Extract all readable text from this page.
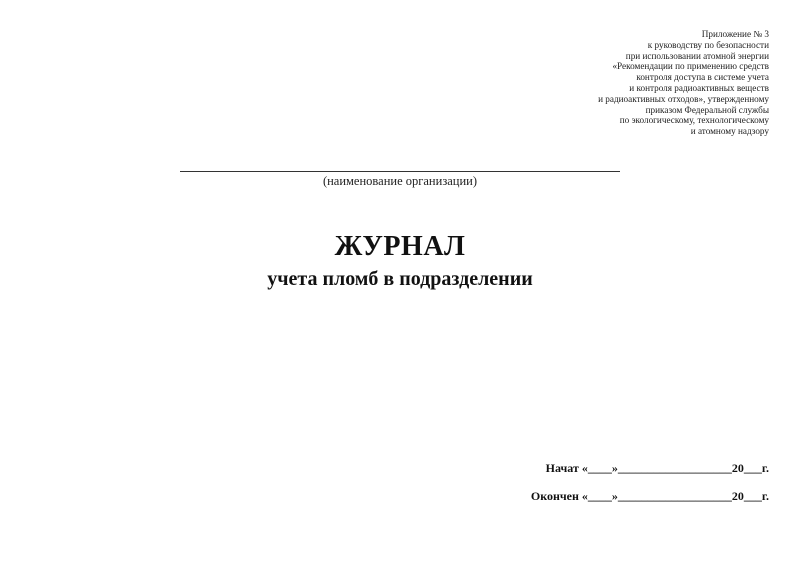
Приложение № 3
к руководству по безопасности
при использовании атомной энергии
«Рекомендации по применению средств
контроля доступа в системе учета
и контроля радиоактивных веществ
и радиоактивных отходов», утвержденному
приказом Федеральной службы
по экологическому, технологическому
и атомному надзору
(наименование организации)
ЖУРНАЛ
учета пломб в подразделении
Начат «____»___________________20___г.
Окончен «____»___________________20___г.
